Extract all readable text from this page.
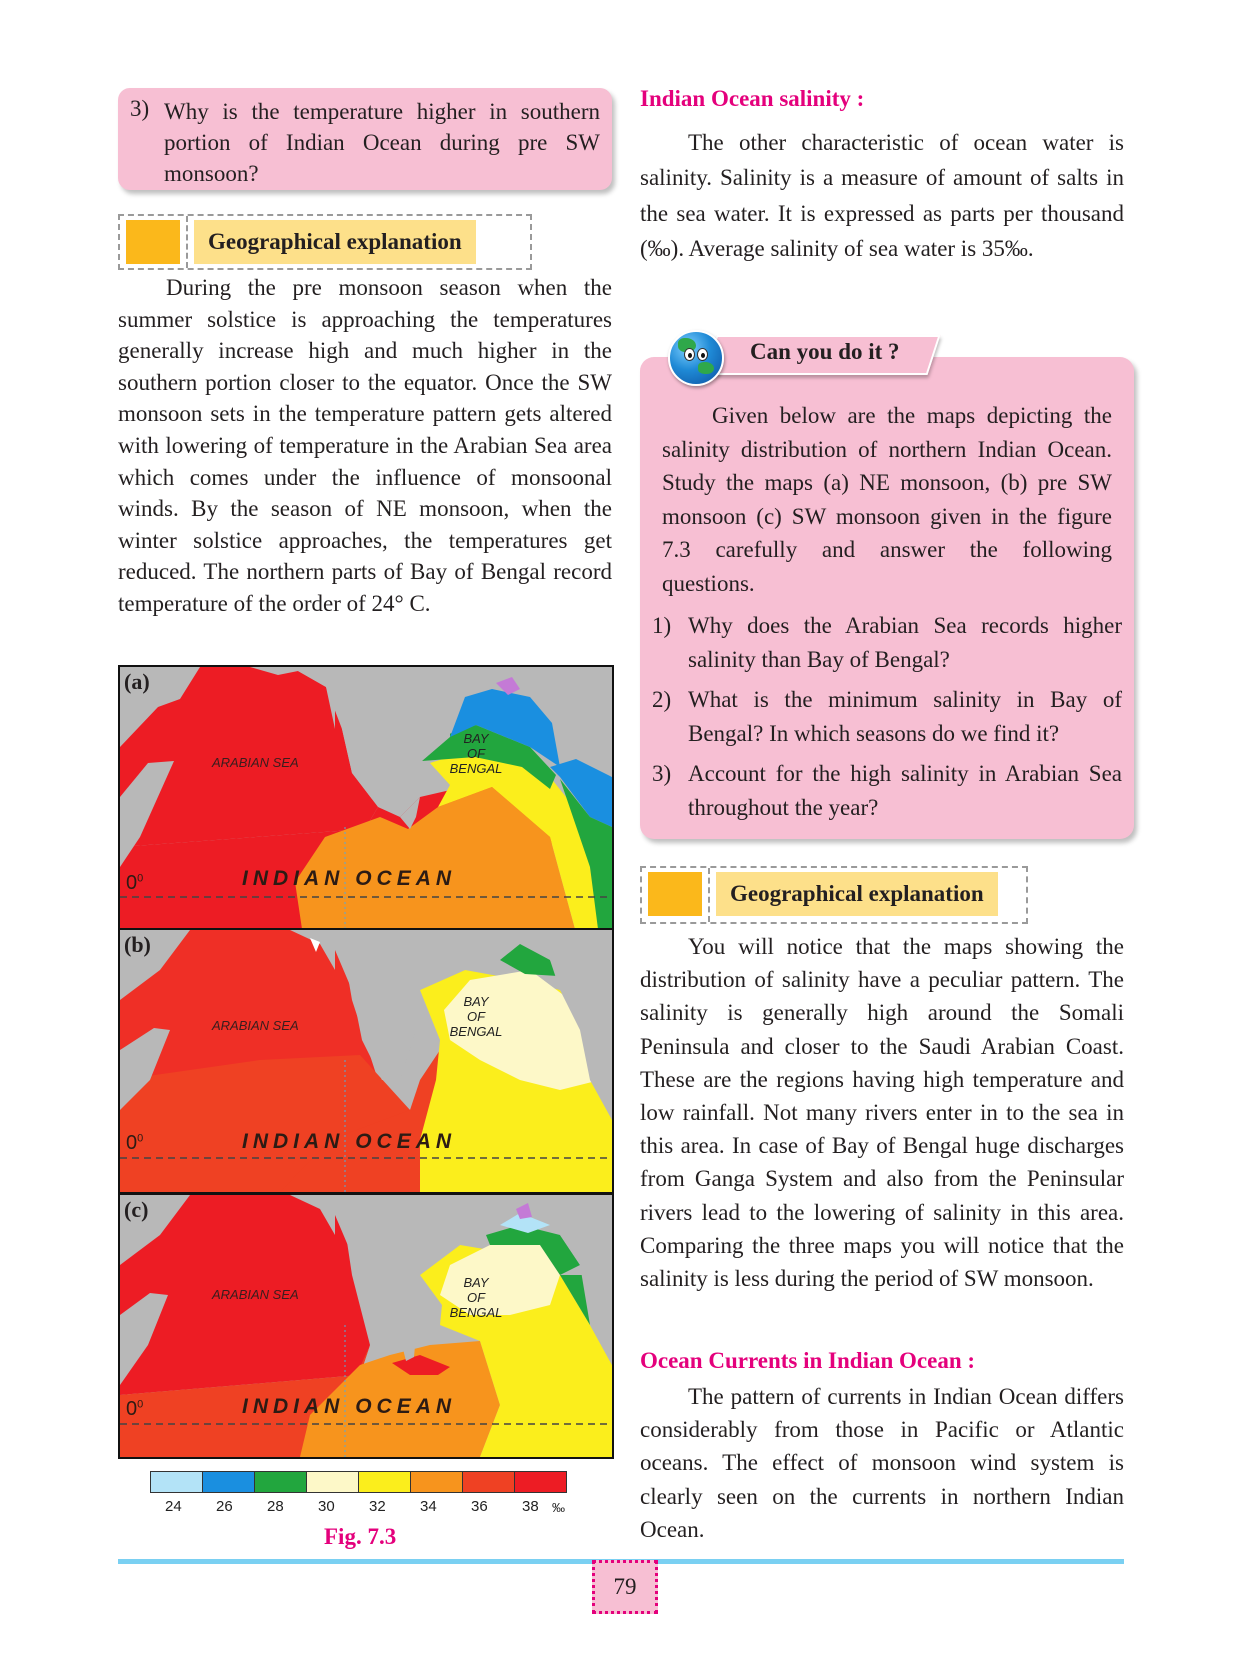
3) Why is the temperature higher in southern portion of Indian Ocean during pre SW monsoon?

Geographical explanation

During the pre monsoon season when the summer solstice is approaching the temperatures generally increase high and much higher in the southern portion closer to the equator. Once the SW monsoon sets in the temperature pattern gets altered with lowering of temperature in the Arabian Sea area which comes under the influence of monsoonal winds. By the season of NE monsoon, when the winter solstice approaches, the temperatures get reduced. The northern parts of Bay of Bengal record temperature of the order of 24° C.

(a)
ARABIAN SEA
BAY
OF
BENGAL
INDIAN OCEAN
$0^0$
(b)
ARABIAN SEA
BAY
OF
BENGAL
INDIAN OCEAN
$0^0$
(c)
ARABIAN SEA
BAY
OF
BENGAL
INDIAN OCEAN
$0^0$
24 26 28 30 32 34 36 38 ‰
Fig. 7.3
Indian Ocean salinity :

The other characteristic of ocean water is salinity. Salinity is a measure of amount of salts in the sea water. It is expressed as parts per thousand (‰). Average salinity of sea water is 35‰.

Given below are the maps depicting the salinity distribution of northern Indian Ocean. Study the maps (a) NE monsoon, (b) pre SW monsoon (c) SW monsoon given in the figure 7.3 carefully and answer the following questions.

1) Why does the Arabian Sea records higher salinity than Bay of Bengal?

2) What is the minimum salinity in Bay of Bengal? In which seasons do we find it?

3) Account for the high salinity in Arabian Sea throughout the year?

Can you do it ?
Geographical explanation

You will notice that the maps showing the distribution of salinity have a peculiar pattern. The salinity is generally high around the Somali Peninsula and closer to the Saudi Arabian Coast. These are the regions having high temperature and low rainfall. Not many rivers enter in to the sea in this area. In case of Bay of Bengal huge discharges from Ganga System and also from the Peninsular rivers lead to the lowering of salinity in this area. Comparing the three maps you will notice that the salinity is less during the period of SW monsoon.

Ocean Currents in Indian Ocean :

The pattern of currents in Indian Ocean differs considerably from those in Pacific or Atlantic oceans. The effect of monsoon wind system is clearly seen on the currents in northern Indian Ocean.

79
